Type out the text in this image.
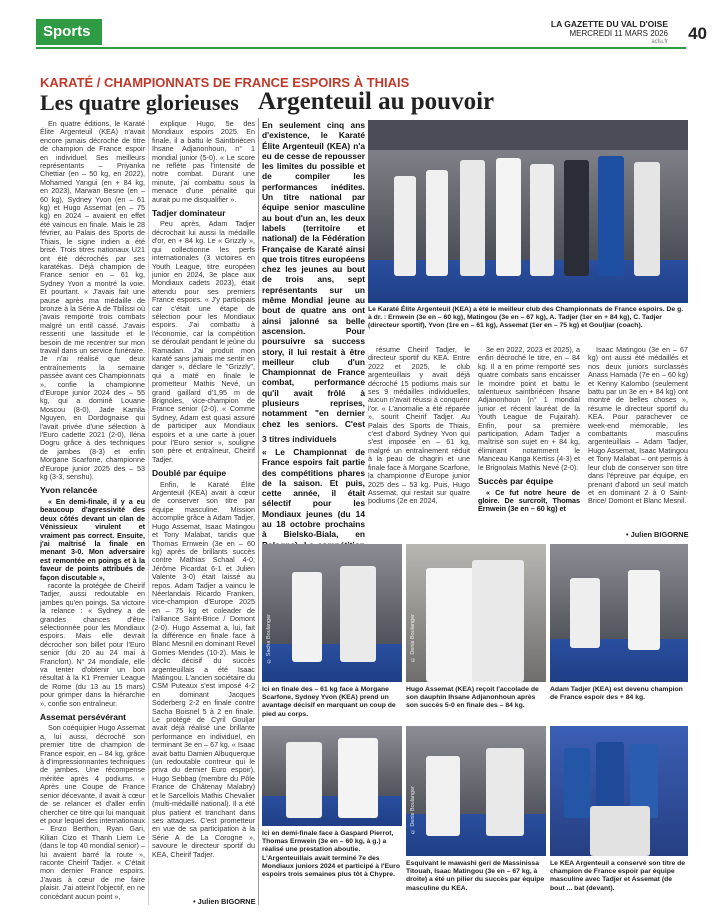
Sports	LA GAZETTE DU VAL D'OISE
MERCREDI 11 MARS 2026
actu.fr 40
KARATÉ / CHAMPIONNATS DE FRANCE ESPOIRS À THIAIS
Les quatre glorieuses Argenteuil au pouvoir

En quatre éditions, le Karaté Élite Argenteuil (KEA) n'avait encore jamais décroché de titre de champion de France espoir en individuel. Ses meilleurs représentants – Priyanka Chettiar (en – 50 kg, en 2022), Mohamed Yangui (en + 84 kg, en 2023), Marwan Besne (en – 60 kg), Sydney Yvon (en – 61 kg) et Hugo Assemat (en – 75 kg) en 2024 – avaient en effet été vaincus en finale. Mais le 28 février, au Palais des Sports de Thiais, le signe indien a été brisé. Trois titres nationaux U21 ont été décrochés par ses karatékas. Déjà champion de France senior en – 61 kg, Sydney Yvon a montré la voie. Et pourtant. « J'avais fait une pause après ma médaille de bronze à la Série A de Tbilissi où j'avais remporté trois combats malgré un entil cassé. J'avais ressenti une lassitude et le besoin de me recentrer sur mon travail dans un service funéraire. Je n'ai réalisé que deux entraînements la semaine passée avant ces Championnats », confie la championne d'Europe junior 2024 des – 55 kg, qui a dominé Louane Moscou (8-0), Jade Kamila Nguyen, en Dordognaise qui l'avait privée d'une sélection à l'Euro cadette 2021 (2-0), Iléna Dogru grâce à des techniques de jambes (8-3) et enfin Morgane Scarfone, championne d'Europe junior 2025 des – 53 kg (3-3, senshu).

Yvon relancée

« En demi-finale, il y a eu beaucoup d'agressivité des deux côtés devant un clan de Vénissieux virulent et vraiment pas correct. Ensuite, j'ai maîtrisé la finale en menant 3-0. Mon adversaire est remontée en poings et à la faveur de points attribués de façon discutable »,

raconte la protégée de Cheirif Tadjer, aussi redoutable en jambes qu'en poings. Sa victoire la relance : « Sydney a de grandes chances d'être sélectionnée pour les Mondiaux espoirs. Mais elle devrait décrocher son billet pour l'Euro senior (du 20 au 24 mai à Francfort). N° 24 mondiale, elle va tenter d'obtenir un bon résultat à la K1 Premier League de Rome (du 13 au 15 mars) pour grimper dans la hiérarchie », confie son entraîneur.

Assemat persévérant

Son coéquipier Hugo Assemat a, lui aussi, décroché son premier titre de champion de France espoir, en – 84 kg, grâce à d'impressionnantes techniques de jambes. Une récompense méritée après 4 podiums. « Après une Coupe de France senior décevante, il avait à cœur de se relancer et d'aller enfin chercher ce titre qui lui manquait et pour lequel des internationaux – Enzo Berthon, Ryan Gari, Kilian Cizo et Thanh Liem Le (dans le top 40 mondial senior) – lui avaient barré la route », raconte Cheirif Tadjer. « C'était mon dernier France espoirs. J'avais à cœur de me faire plaisir. J'ai atteint l'objectif, en ne concédant aucun point »,

explique Hugo, 5e des Mondiaux espoirs 2025. En finale, il a battu le Saintbriécen Ihsane Adjanonhoun, n° 1 mondial junior (5-0). « Le score ne reflète pas l'intensité de notre combat. Durant une minute, j'ai combattu sous la menace d'une pénalité qui aurait pu me disqualifier ».

Tadjer dominateur

Peu après, Adam Tadjer décrochait lui aussi la médaille d'or, en + 84 kg. Le « Grizzly », qui collectionne les perfs internationales (3 victoires en Youth League, titre européen junior en 2024, 3e place aux Mondiaux cadets 2023), était attendu pour ses premiers France espoirs. « J'y participais car c'était une étape de sélection pour les Mondiaux espoirs. J'ai combattu à l'économie, car la compétition se déroulait pendant le jeûne du Ramadan. J'ai produit mon karaté sans jamais me sentir en danger », déclare le "Grizzly", qui a maté en finale le prometteur Mathis Nevé, un grand gaillard d'1,95 m de Brignoles, vice-champion de France senior (2-0). « Comme Sydney, Adam est quasi assuré de participer aux Mondiaux espoirs et a une carte à jouer pour l'Euro senior », souligne son père et entraîneur, Cheirif Tadjer.

Doublé par équipe

Enfin, le Karaté Élite Argenteuil (KEA) avait à cœur de conserver son titre par équipe masculine. Mission accomplie grâce à Adam Tadjer, Hugo Assemat, Isaac Matingou et Tony Malabat, tandis que Thomas Ernwein (3e en – 60 kg) après de brillants succès contre Mathias Schaal 4-0, Jérôme Picardat 6-1 et Julien Valente 3-0) était laissé au repos. Adam Tadjer a vaincu le Néerlandais Ricardo Franken, vice-champion d'Europe 2025 en – 75 kg et coleader de l'alliance Saint-Brice / Domont (2-0). Hugo Assemat a, lui, fait la différence en finale face à Blanc Mesnil en dominant Revel Gomes Mendes (10-2). Mais le déclic décisif du succès argenteuillais a été Isaac Matingou. L'ancien sociétaire du CSM Puteaux s'est imposé 4-2 en dominant Jacques Soderberg 2-2 en finale contre Sacha Boisnel 5 à 2 en finale. Le protégé de Cyril Gouljar avait déjà réalisé une brillante performance en individuel, en terminant 3e en – 67 kg. « Isaac avait battu Damien Albuquerque (un redoutable contreur qui le priva du dernier Euro espoir), Hugo Sebbag (membre du Pôle France de Châtenay Malabry) et le Sarcellois Mathis Chevalier (multi-médaillé national). Il a été plus patient et tranchant dans ses attaques. C'est prometteur en vue de sa participation à la Série A de La Corogne », savoure le directeur sportif du KEA, Cheirif Tadjer.

• Julien BIGORNE
En seulement cinq ans d'existence, le Karaté Élite Argenteuil (KEA) n'a eu de cesse de repousser les limites du possible et de compiler les performances inédites. Un titre national par équipe senior masculine au bout d'un an, les deux labels (territoire et national) de la Fédération Française de Karaté ainsi que trois titres européens chez les jeunes au bout de trois ans, sept représentants sur un même Mondial jeune au bout de quatre ans ont ainsi jalonné sa belle ascension. Pour poursuivre sa success story, il lui restait à être meilleur club d'un Championnat de France combat, performance qu'il avait frôlé à plusieurs reprises, notamment "en dernier chez les seniors. C'est
Le Karaté Élite Argenteuil (KEA) a été le meilleur club des Championnats de France espoirs. De g. à dr. : Ernwein (3e en – 60 kg), Matingou (3e en – 67 kg), A. Tadjer (1er en + 84 kg), C. Tadjer (directeur sportif), Yvon (1re en – 61 kg), Assemat (1er en – 75 kg) et Gouljiar (coach).

résume Cheirif Tadjer, le directeur sportif du KEA. Entre 2022 et 2025, le club argenteuillais y avait déjà décroché 15 podiums mais sur ses 9 médailles individuelles, aucun n'avait réussi à conquérir l'or. « L'anomalie a été réparée », sourit Cheirif Tadjer. Au Palais des Sports de Thiais, c'est d'abord Sydney Yvon qui s'est imposée en – 61 kg, malgré un entraînement réduit à la peau de chagrin et une finale face à Morgane Scarfone, la championne d'Europe junior 2025 des – 53 kg. Puis, Hugo Assemat, qui restait sur quatre podiums (2e en 2024,

3e en 2022, 2023 et 2025), a enfin décroché le titre, en – 84 kg. Il a en prime remporté ses quatre combats sans encaisser le moindre point et battu le talentueux saintbriécen Ihsane Adjanonhoun (n° 1 mondial junior et récent lauréat de la Youth League de Fujairah). Enfin, pour sa première participation, Adam Tadjer a maîtrisé son sujet en + 84 kg, éliminant notamment le Manceau Kanga Kertiss (4-3) et le Brignolais Mathis Nevé (2-0).

Succès par équipe

« Ce fut notre heure de gloire. De surcroît, Thomas Ernwein (3e en – 60 kg) et

Isaac Matingou (3e en – 67 kg) ont aussi été médaillés et nos deux juniors surclassés Anass Hamada (7e en – 60 kg) et Kenny Kalombo (seulement battu par un 3e en + 84 kg) ont montré de belles choses », résume le directeur sportif du KEA. Pour parachever ce week-end mémorable, les combattants masculins argenteuillais – Adam Tadjer, Hugo Assemat, Isaac Matingou et Tony Malabat – ont permis à leur club de conserver son titre dans l'épreuve par équipe, en prenant d'abord un seul match et en dominant 2 à 0 Saint-Brice/ Domont et Blanc Mesnil.

• Julien BIGORNE
3 titres individuels
« Le Championnat de France espoirs fait partie des compétitions phares de la saison. Et puis, cette année, il était sélectif pour les Mondiaux jeunes (du 14 au 18 octobre prochains à Bielsko-Biala, en
© Sacha Boulanger	© Denis Boulanger
Ici en finale des – 61 kg face à Morgane Scarfone, Sydney Yvon (KEA) prend un avantage décisif en marquant un coup de pied au corps.
Hugo Assemat (KEA) reçoit l'accolade de son dauphin Ihsane Adjanonhoun après son succès 5-0 en finale des – 84 kg.
Adam Tadjer (KEA) est devenu champion de France espoir des + 84 kg.
© Denis Boulanger
Ici en demi-finale face à Gaspard Pierrot, Thomas Ernwein (3e en – 60 kg, à g.) a réalisé une prestation aboutie. L'Argenteuillais avait terminé 7e des Mondiaux juniors 2024 et participé à l'Euro espoirs trois semaines plus tôt à Chypre.
Esquivant le mawashi geri de Massinissa Titouah, Isaac Matingou (3e en – 67 kg, à droite) a été un pilier du succès par équipe masculine du KEA.
Le KEA Argenteuil a conservé son titre de champion de France espoir par équipe masculine avec Tadjer et Assemat (de bout ... bat (devant).
